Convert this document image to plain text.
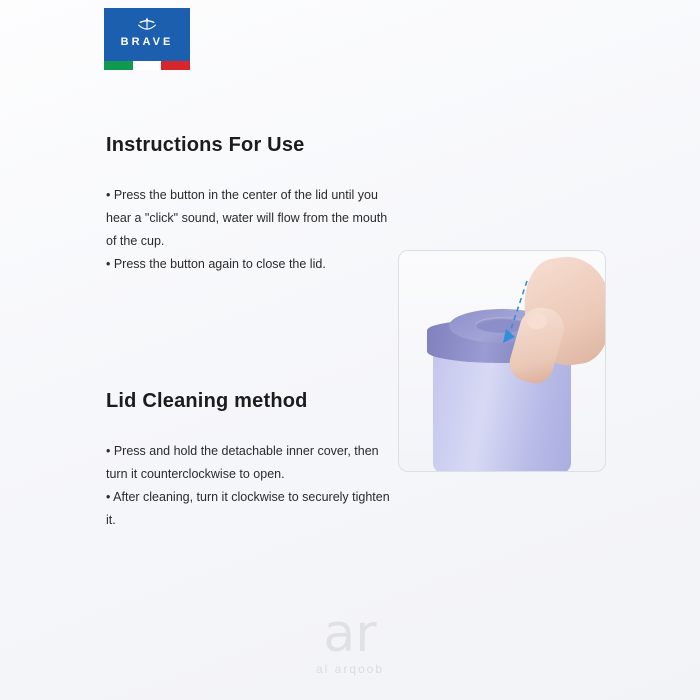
BRAVE
Instructions For Use

• Press the button in the center of the lid until you hear a "click" sound, water will flow from the mouth of the cup.

• Press the button again to close the lid.

Lid Cleaning method

• Press and hold the detachable inner cover, then turn it counterclockwise to open.

• After cleaning, turn it clockwise to securely tighten it.

ar
al arqoob
